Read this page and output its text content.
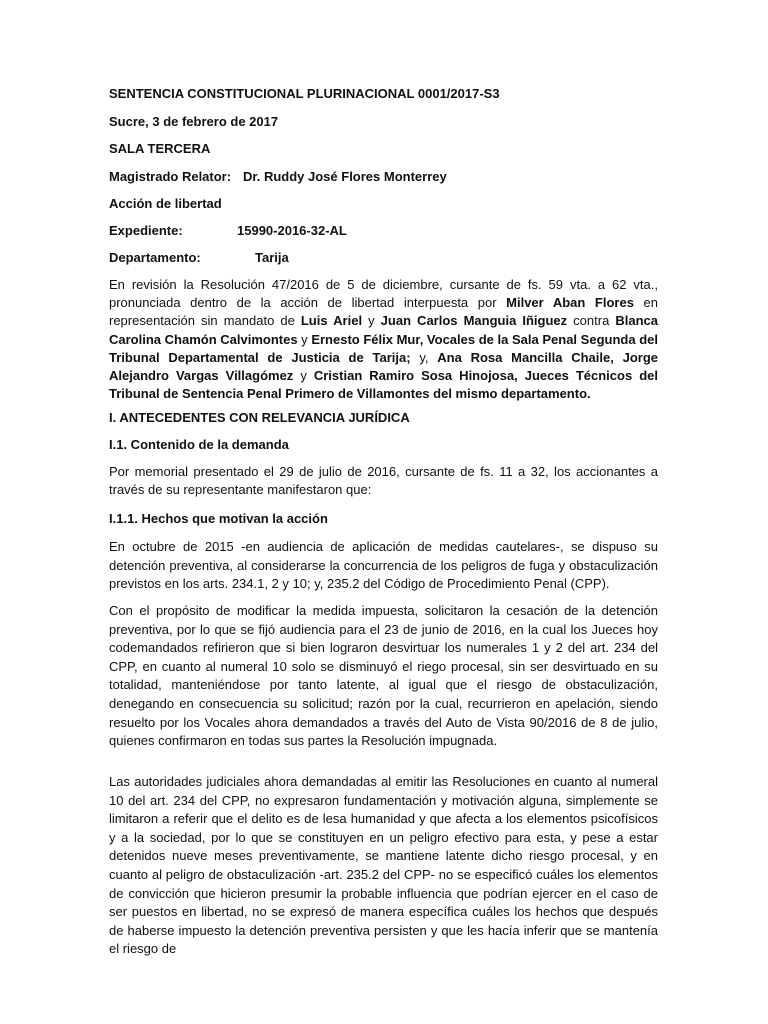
SENTENCIA CONSTITUCIONAL PLURINACIONAL 0001/2017-S3
Sucre, 3 de febrero de 2017
SALA TERCERA
Magistrado Relator: Dr. Ruddy José Flores Monterrey
Acción de libertad
Expediente:	15990-2016-32-AL
Departamento:	Tarija

En revisión la Resolución 47/2016 de 5 de diciembre, cursante de fs. 59 vta. a 62 vta., pronunciada dentro de la acción de libertad interpuesta por Milver Aban Flores en representación sin mandato de Luis Ariel y Juan Carlos Manguia Iñiguez contra Blanca Carolina Chamón Calvimontes y Ernesto Félix Mur, Vocales de la Sala Penal Segunda del Tribunal Departamental de Justicia de Tarija; y, Ana Rosa Mancilla Chaile, Jorge Alejandro Vargas Villagómez y Cristian Ramiro Sosa Hinojosa, Jueces Técnicos del Tribunal de Sentencia Penal Primero de Villamontes del mismo departamento.

I. ANTECEDENTES CON RELEVANCIA JURÍDICA
I.1. Contenido de la demanda

Por memorial presentado el 29 de julio de 2016, cursante de fs. 11 a 32, los accionantes a través de su representante manifestaron que:

I.1.1. Hechos que motivan la acción

En octubre de 2015 -en audiencia de aplicación de medidas cautelares-, se dispuso su detención preventiva, al considerarse la concurrencia de los peligros de fuga y obstaculización previstos en los arts. 234.1, 2 y 10; y, 235.2 del Código de Procedimiento Penal (CPP).

Con el propósito de modificar la medida impuesta, solicitaron la cesación de la detención preventiva, por lo que se fijó audiencia para el 23 de junio de 2016, en la cual los Jueces hoy codemandados refirieron que si bien lograron desvirtuar los numerales 1 y 2 del art. 234 del CPP, en cuanto al numeral 10 solo se disminuyó el riego procesal, sin ser desvirtuado en su totalidad, manteniéndose por tanto latente, al igual que el riesgo de obstaculización, denegando en consecuencia su solicitud; razón por la cual, recurrieron en apelación, siendo resuelto por los Vocales ahora demandados a través del Auto de Vista 90/2016 de 8 de julio, quienes confirmaron en todas sus partes la Resolución impugnada.

Las autoridades judiciales ahora demandadas al emitir las Resoluciones en cuanto al numeral 10 del art. 234 del CPP, no expresaron fundamentación y motivación alguna, simplemente se limitaron a referir que el delito es de lesa humanidad y que afecta a los elementos psicofísicos y a la sociedad, por lo que se constituyen en un peligro efectivo para esta, y pese a estar detenidos nueve meses preventivamente, se mantiene latente dicho riesgo procesal, y en cuanto al peligro de obstaculización -art. 235.2 del CPP- no se especificó cuáles los elementos de convicción que hicieron presumir la probable influencia que podrían ejercer en el caso de ser puestos en libertad, no se expresó de manera específica cuáles los hechos que después de haberse impuesto la detención preventiva persisten y que les hacía inferir que se mantenía el riesgo de
